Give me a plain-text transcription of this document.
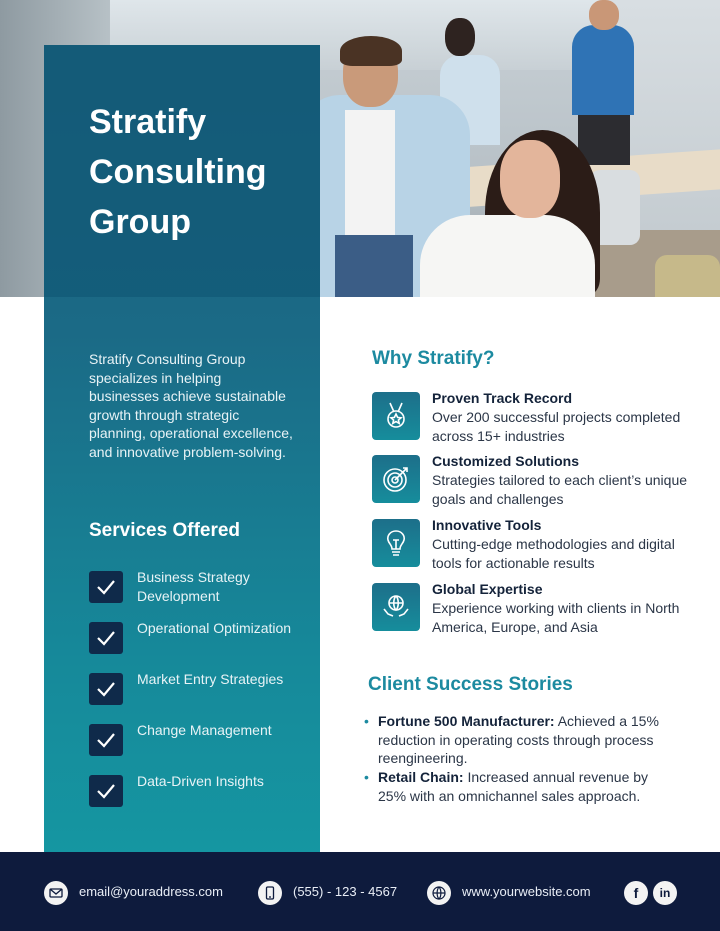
Stratify
Consulting
Group

Stratify Consulting Group specializes in helping businesses achieve sustainable growth through strategic planning, operational excellence, and innovative problem-solving.

Services Offered
Business Strategy Development
Operational Optimization
Market Entry Strategies
Change Management
Data-Driven Insights
Why Stratify?
Proven Track Record
Over 200 successful projects completed across 15+ industries
Customized Solutions
Strategies tailored to each client’s unique goals and challenges
Innovative Tools
Cutting-edge methodologies and digital tools for actionable results
Global Expertise
Experience working with clients in North America, Europe, and Asia
Client Success Stories
• Fortune 500 Manufacturer: Achieved a 15% reduction in operating costs through process reengineering.
• Retail Chain: Increased annual revenue by 25% with an omnichannel sales approach.
email@youraddress.com	(555) - 123 - 4567	www.yourwebsite.com	f	in
